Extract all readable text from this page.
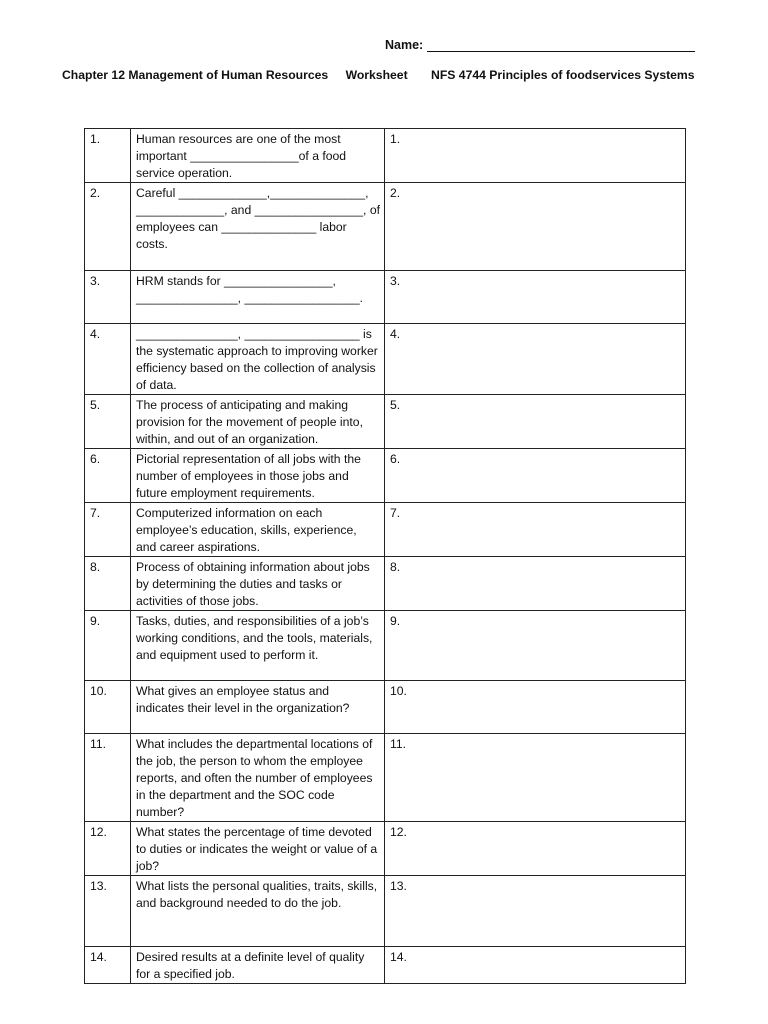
Name:
Chapter 12 Management of Human Resources Worksheet NFS 4744 Principles of foodservices Systems
1.	Human resources are one of the most important ________________of a food service operation.	1.
2.	Careful _____________,______________, _____________, and ________________, of employees can ______________ labor costs.	2.
3.	HRM stands for ________________, _______________, _________________.	3.
4.	_______________, _________________ is the systematic approach to improving worker efficiency based on the collection of analysis of data.	4.
5.	The process of anticipating and making provision for the movement of people into, within, and out of an organization.	5.
6.	Pictorial representation of all jobs with the number of employees in those jobs and future employment requirements.	6.
7.	Computerized information on each employee’s education, skills, experience, and career aspirations.	7.
8.	Process of obtaining information about jobs by determining the duties and tasks or activities of those jobs.	8.
9.	Tasks, duties, and responsibilities of a job’s working conditions, and the tools, materials, and equipment used to perform it.	9.
10.	What gives an employee status and indicates their level in the organization?	10.
11.	What includes the departmental locations of the job, the person to whom the employee reports, and often the number of employees in the department and the SOC code number?	11.
12.	What states the percentage of time devoted to duties or indicates the weight or value of a job?	12.
13.	What lists the personal qualities, traits, skills, and background needed to do the job.	13.
14.	Desired results at a definite level of quality for a specified job.	14.
